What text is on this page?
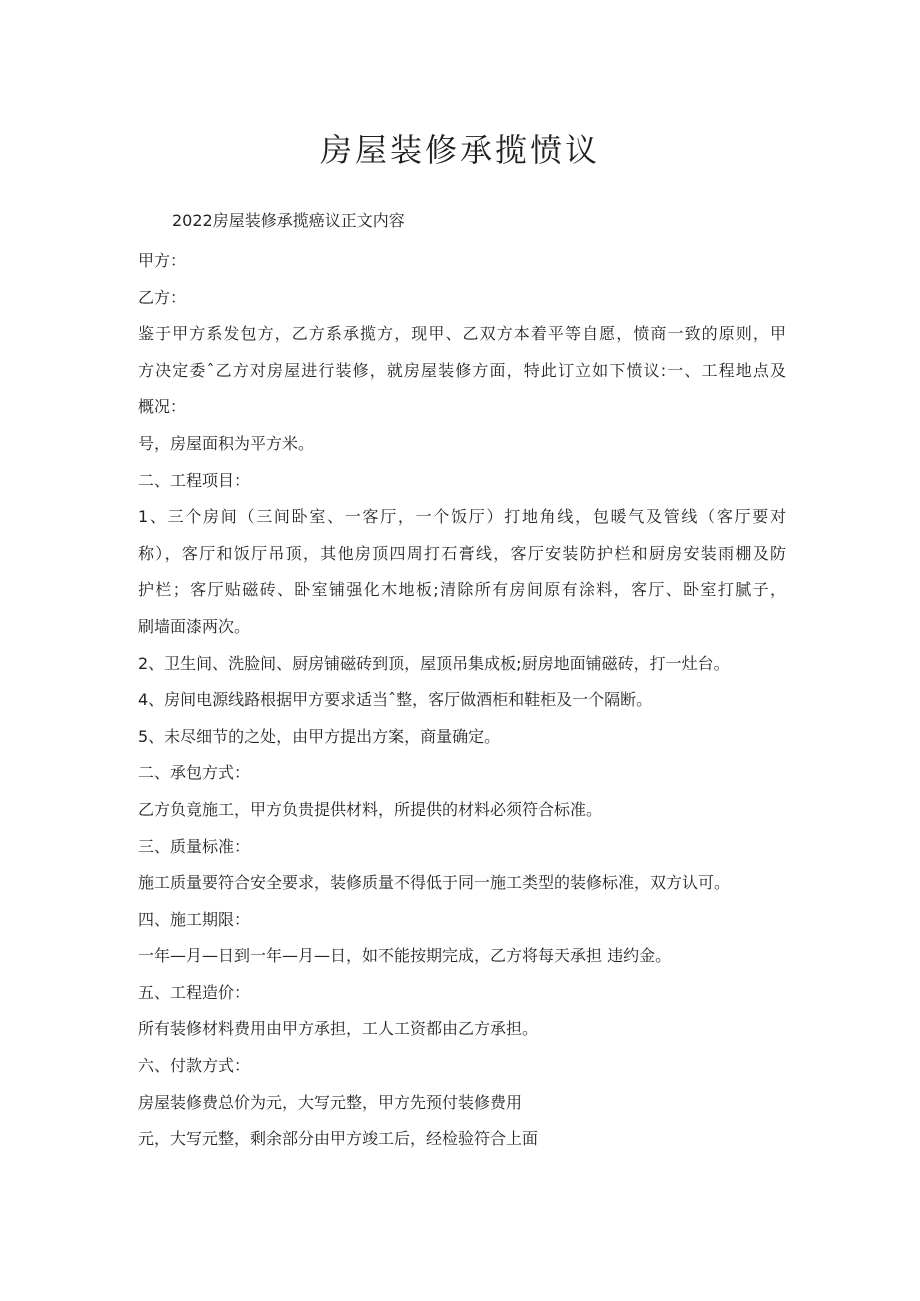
房屋装修承揽愤议
2022房屋装修承揽癌议正文内容

甲方：

乙方：

鉴于甲方系发包方，乙方系承揽方，现甲、乙双方本着平等自愿，愤商一致的原则，甲

方决定委ˆ乙方对房屋进行装修，就房屋装修方面，特此订立如下愤议:一、工程地点及

概况：

号，房屋面积为平方米。

二、工程项目：

1、三个房间（三间卧室、一客厅，一个饭厅）打地角线，包暖气及管线（客厅要对

称），客厅和饭厅吊顶，其他房顶四周打石膏线，客厅安装防护栏和厨房安装雨棚及防

护栏；客厅贴磁砖、卧室铺强化木地板;清除所有房间原有涂料，客厅、卧室打腻子，

刷墙面漆两次。

2、卫生间、洗脸间、厨房铺磁砖到顶，屋顶吊集成板;厨房地面铺磁砖，打一灶台。

4、房间电源线路根据甲方要求适当ˆ整，客厅做酒柜和鞋柜及一个隔断。

5、未尽细节的之处，由甲方提出方案，商量确定。

二、承包方式：

乙方负竟施工，甲方负贵提供材料，所提供的材料必须符合标准。

三、质量标准：

施工质量要符合安全要求，装修质量不得低于同一施工类型的装修标准，双方认可。

四、施工期限：

一年—月—日到一年—月—日，如不能按期完成，乙方将每天承担 违约金。

五、工程造价：

所有装修材料费用由甲方承担，工人工资都由乙方承担。

六、付款方式：

房屋装修费总价为元，大写元整，甲方先预付装修费用

元，大写元整，剩余部分由甲方竣工后，经检验符合上面
